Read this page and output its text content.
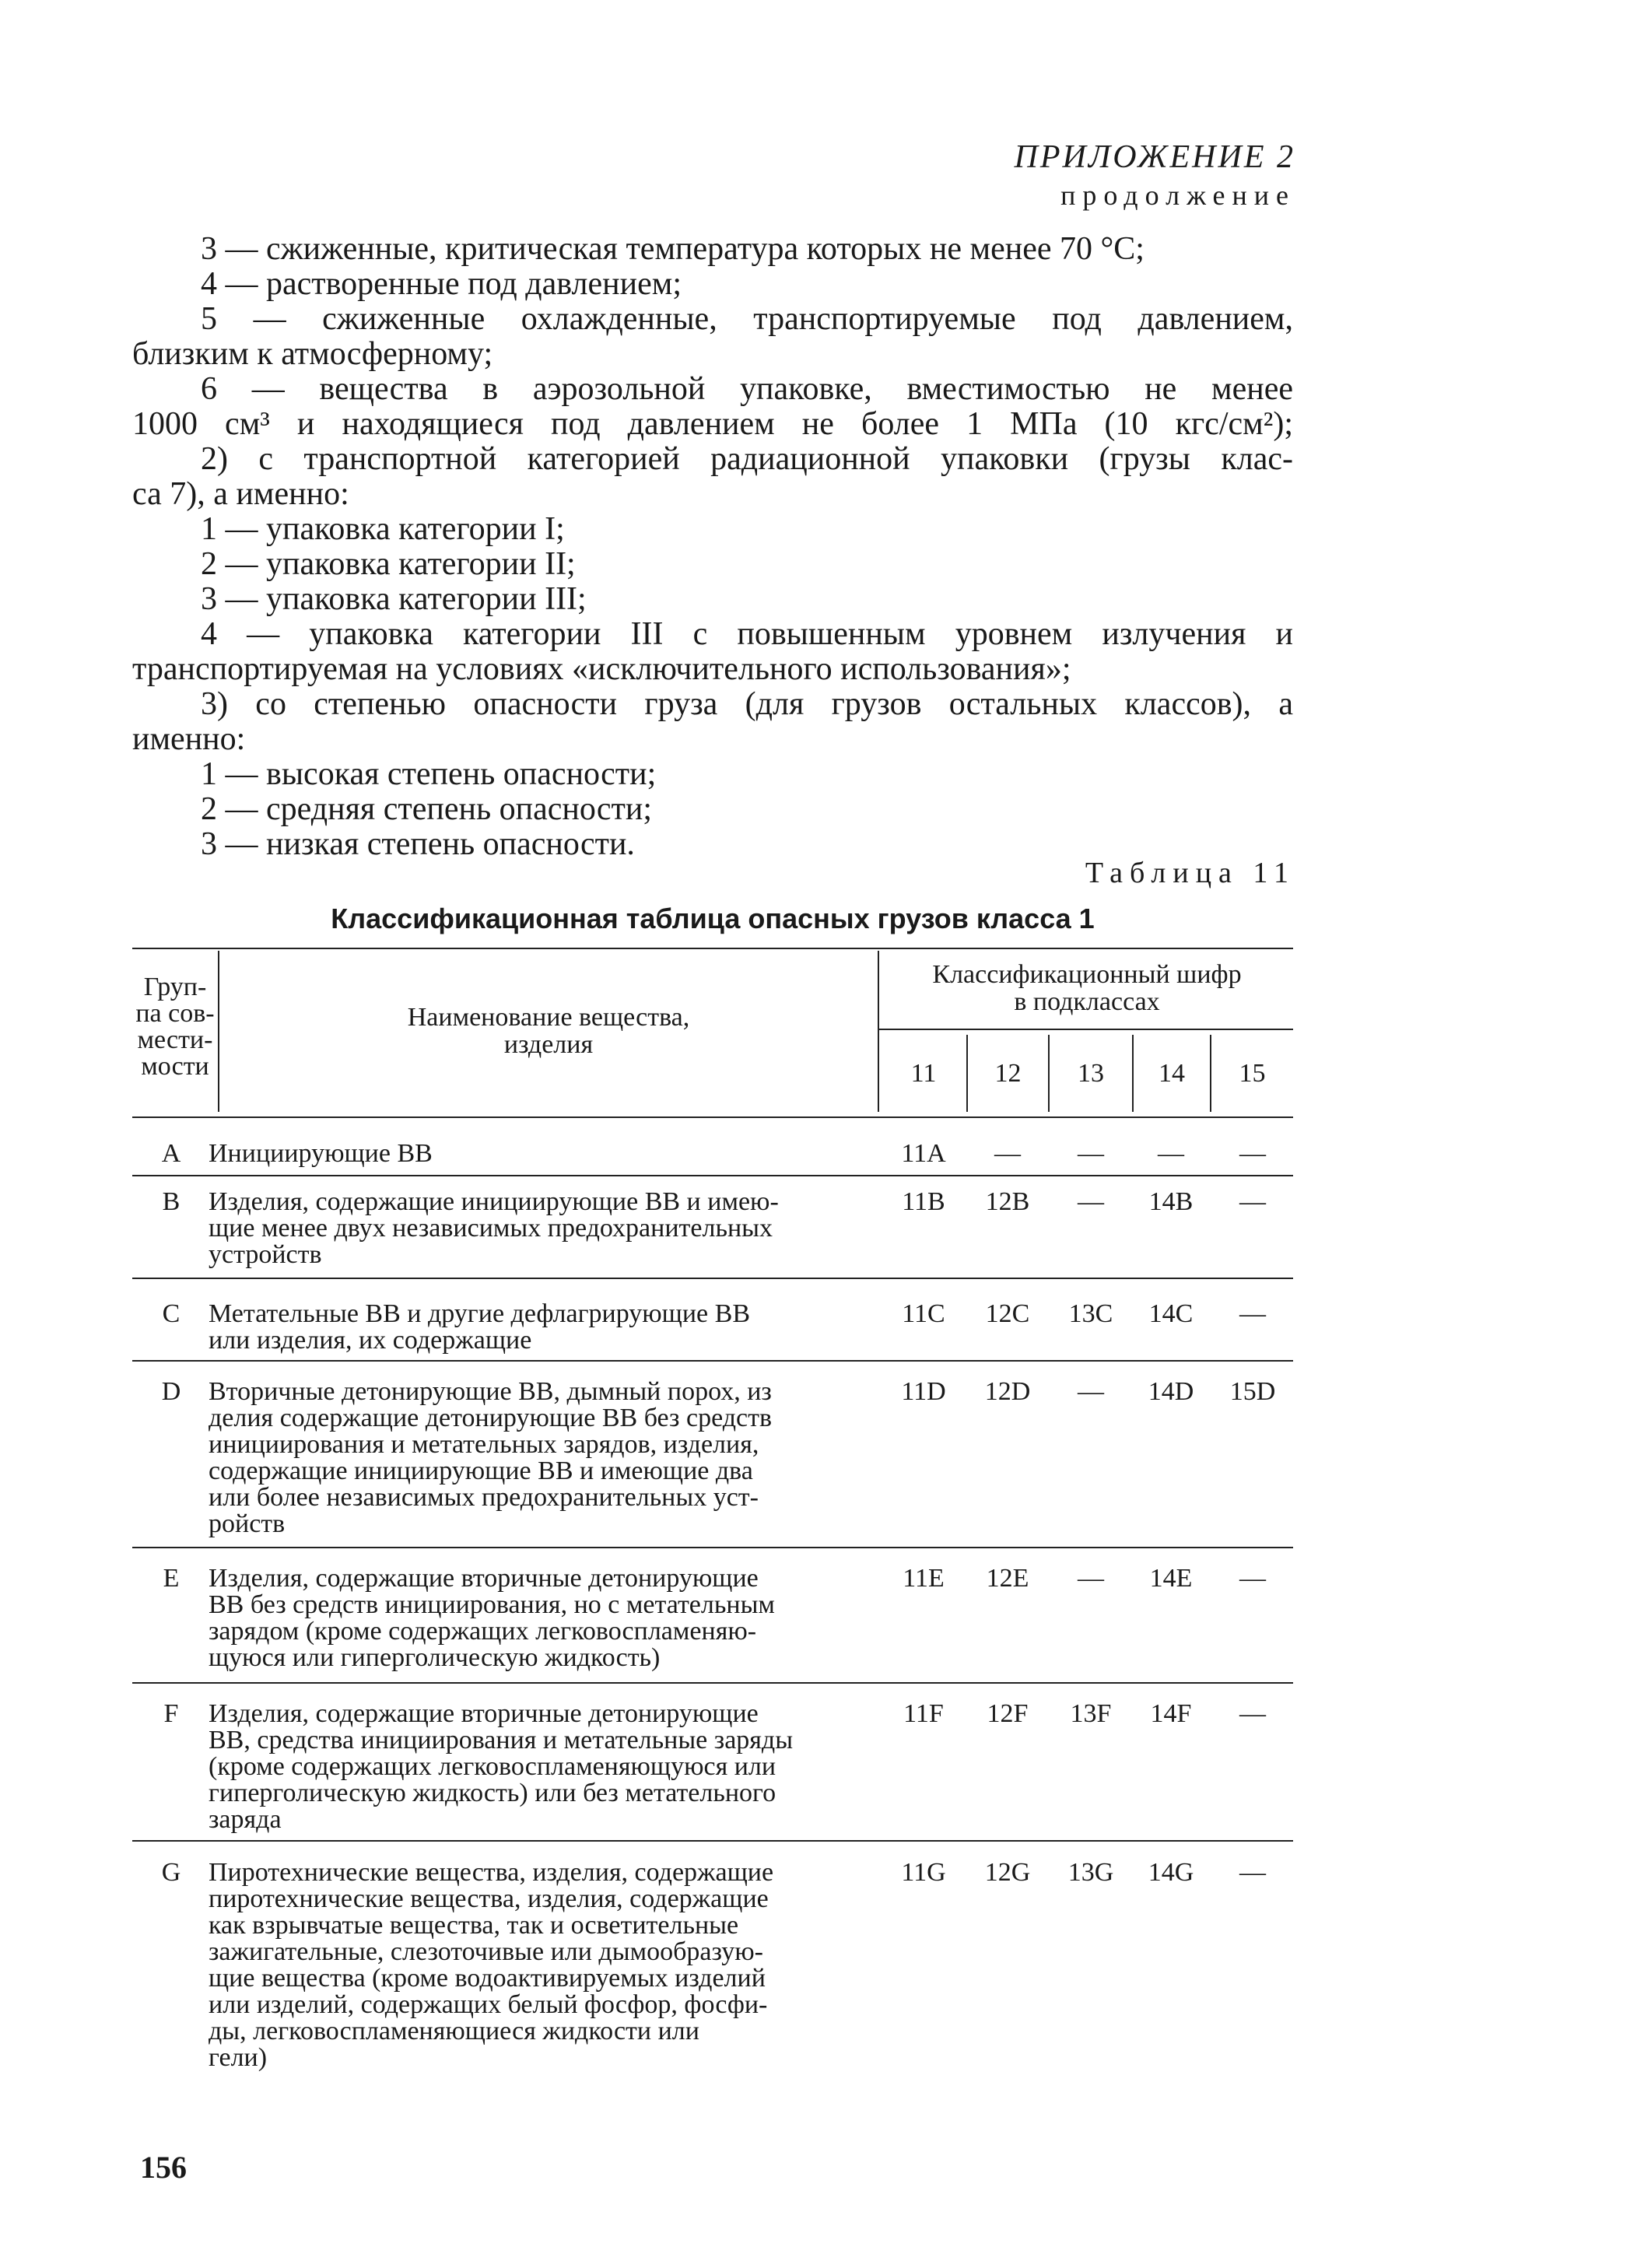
ПРИЛОЖЕНИЕ 2
продолжение
3 — сжиженные, критическая температура которых не менее 70 °С;
4 — растворенные под давлением;
5 — сжиженные охлажденные, транспортируемые под давлением,
близким к атмосферному;
6 — вещества в аэрозольной упаковке, вместимостью не менее
1000 см³ и находящиеся под давлением не более 1 МПа (10 кгс/см²);
2) с транспортной категорией радиационной упаковки (грузы клас-
са 7), а именно:
1 — упаковка категории I;
2 — упаковка категории II;
3 — упаковка категории III;
4 — упаковка категории III с повышенным уровнем излучения и
транспортируемая на условиях «исключительного использования»;
3) со степенью опасности груза (для грузов остальных классов), а
именно:
1 — высокая степень опасности;
2 — средняя степень опасности;
3 — низкая степень опасности.
Таблица 11
Классификационная таблица опасных грузов класса 1
Груп-
па сов-
мести-
мости
Наименование вещества,
изделия
Классификационный шифр
в подклассах
11	12	13	14	15
A	Инициирующие ВВ	11A	—	—	—	—
B	Изделия, содержащие инициирующие ВВ и имею-
щие менее двух независимых предохранительных
устройств
11B	12B	—	14B	—
C	Метательные ВВ и другие дефлагрирующие ВВ
или изделия, их содержащие
11C	12C	13C	14C	—
D	Вторичные детонирующие ВВ, дымный порох, из
делия содержащие детонирующие ВВ без средств
инициирования и метательных зарядов, изделия,
содержащие инициирующие ВВ и имеющие два
или более независимых предохранительных уст-
ройств
11D	12D	—	14D	15D
E	Изделия, содержащие вторичные детонирующие
ВВ без средств инициирования, но с метательным
зарядом (кроме содержащих легковоспламеняю-
щуюся или гиперголическую жидкость)
11E	12E	—	14E	—
F	Изделия, содержащие вторичные детонирующие
ВВ, средства инициирования и метательные заряды
(кроме содержащих легковоспламеняющуюся или
гиперголическую жидкость) или без метательного
заряда
11F	12F	13F	14F	—
G	Пиротехнические вещества, изделия, содержащие
пиротехнические вещества, изделия, содержащие
как взрывчатые вещества, так и осветительные
зажигательные, слезоточивые или дымообразую-
щие вещества (кроме водоактивируемых изделий
или изделий, содержащих белый фосфор, фосфи-
ды, легковоспламеняющиеся жидкости или
гели)
11G	12G	13G	14G	—
156
